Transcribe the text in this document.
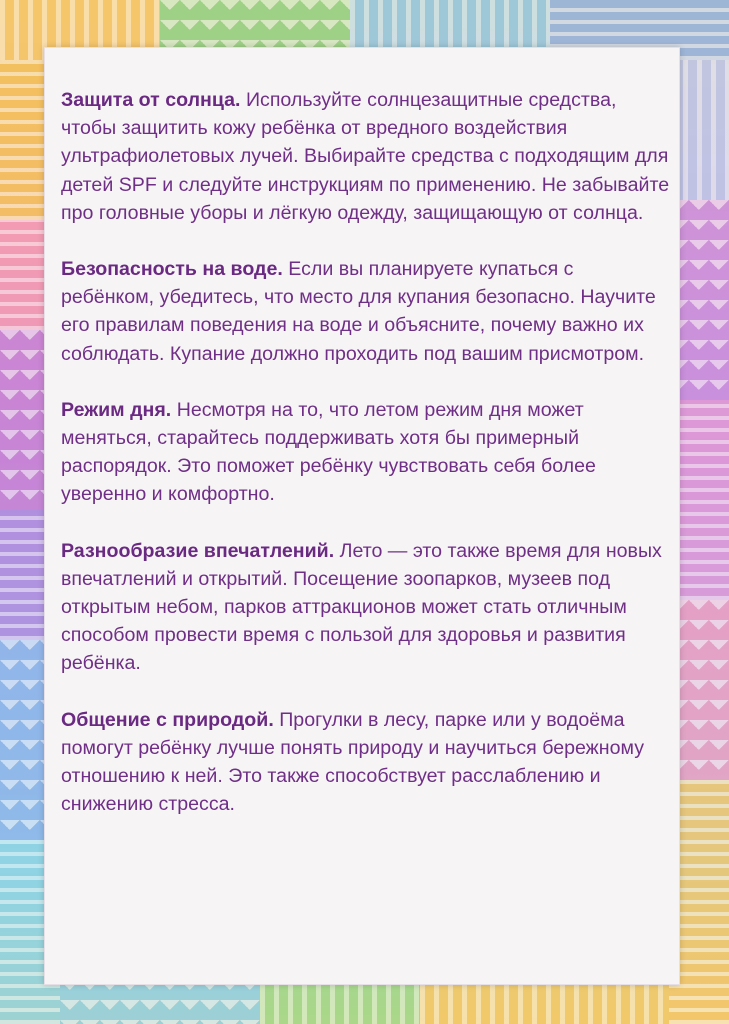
Защита от солнца. Используйте солнцезащитные средства, чтобы защитить кожу ребёнка от вредного воздействия ультрафиолетовых лучей. Выбирайте средства с подходящим для детей SPF и следуйте инструкциям по применению. Не забывайте про головные уборы и лёгкую одежду, защищающую от солнца.

Безопасность на воде. Если вы планируете купаться с ребёнком, убедитесь, что место для купания безопасно. Научите его правилам поведения на воде и объясните, почему важно их соблюдать. Купание должно проходить под вашим присмотром.

Режим дня. Несмотря на то, что летом режим дня может меняться, старайтесь поддерживать хотя бы примерный распорядок. Это поможет ребёнку чувствовать себя более уверенно и комфортно.

Разнообразие впечатлений. Лето — это также время для новых впечатлений и открытий. Посещение зоопарков, музеев под открытым небом, парков аттракционов может стать отличным способом провести время с пользой для здоровья и развития ребёнка.

Общение с природой. Прогулки в лесу, парке или у водоёма помогут ребёнку лучше понять природу и научиться бережному отношению к ней. Это также способствует расслаблению и снижению стресса.
